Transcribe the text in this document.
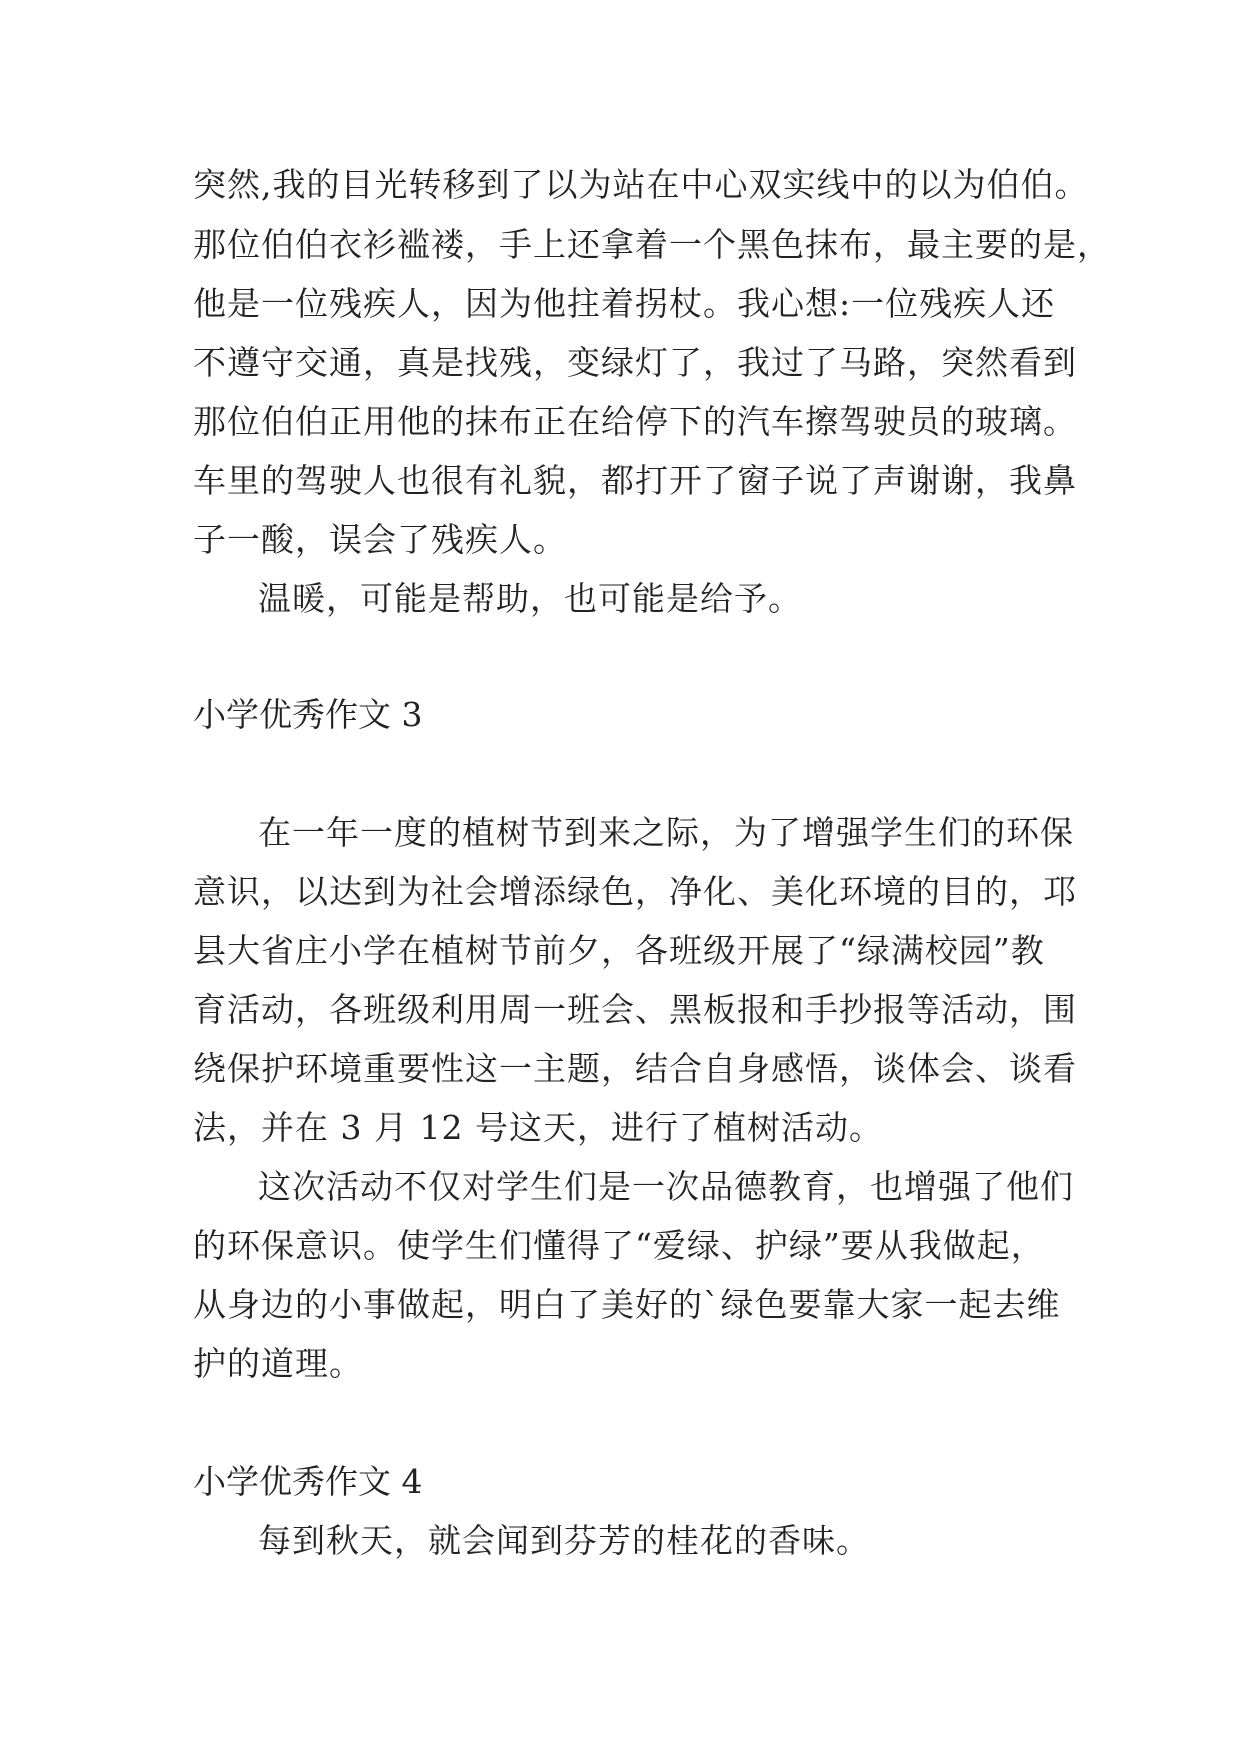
突然,我的目光转移到了以为站在中心双实线中的以为伯伯。
那位伯伯衣衫褴褛，手上还拿着一个黑色抹布，最主要的是，
他是一位残疾人，因为他拄着拐杖。我心想:一位残疾人还
不遵守交通，真是找残，变绿灯了，我过了马路，突然看到
那位伯伯正用他的抹布正在给停下的汽车擦驾驶员的玻璃。
车里的驾驶人也很有礼貌，都打开了窗子说了声谢谢，我鼻
子一酸，误会了残疾人。
温暖，可能是帮助，也可能是给予。
小学优秀作文 3
在一年一度的植树节到来之际，为了增强学生们的环保
意识，以达到为社会增添绿色，净化、美化环境的目的，邛
县大省庄小学在植树节前夕，各班级开展了“绿满校园”教
育活动，各班级利用周一班会、黑板报和手抄报等活动，围
绕保护环境重要性这一主题，结合自身感悟，谈体会、谈看
法，并在 3 月 12 号这天，进行了植树活动。
这次活动不仅对学生们是一次品德教育，也增强了他们
的环保意识。使学生们懂得了“爱绿、护绿”要从我做起，
从身边的小事做起，明白了美好的`绿色要靠大家一起去维
护的道理。
小学优秀作文 4
每到秋天，就会闻到芬芳的桂花的香味。
